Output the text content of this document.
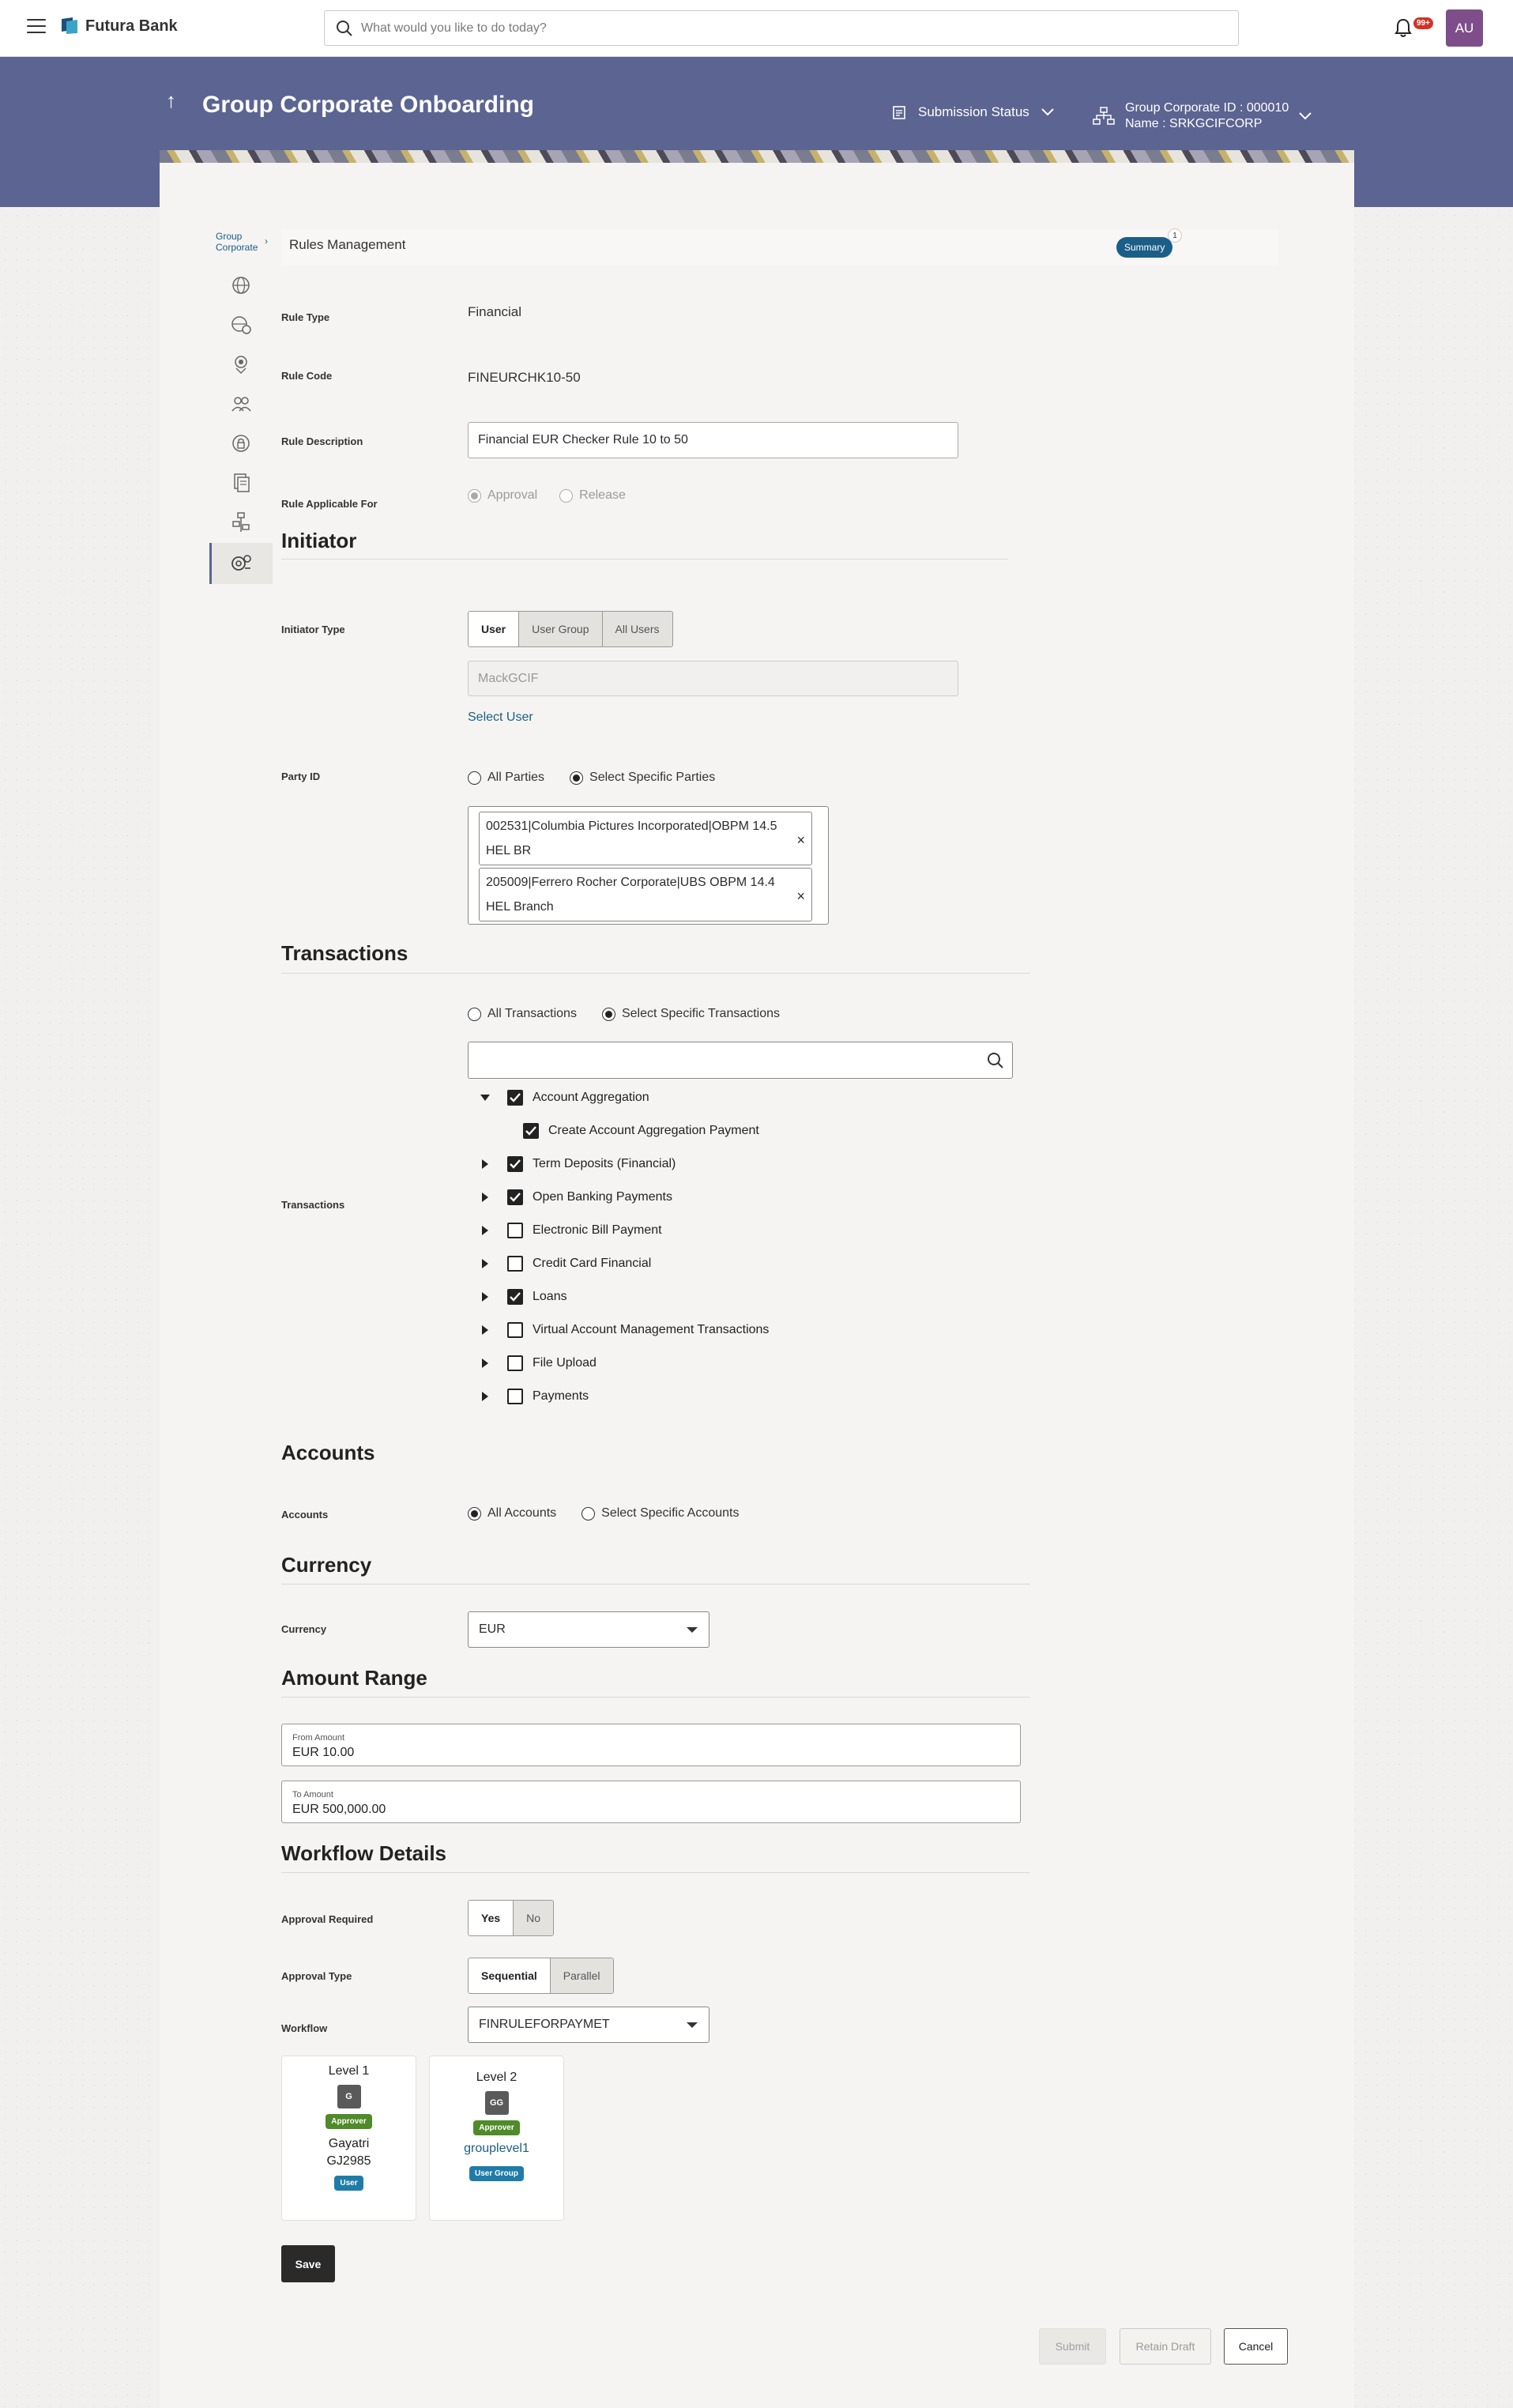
Futura Bank
What would you like to do today?	99+	AU
↑ Group Corporate Onboarding	Submission Status	Group Corporate ID : 000010
Name : SRKGCIFCORP
Group
Corporate
› Rules Management	Summary
1
Rule Type	Financial
Rule Code	FINEURCHK10-50
Rule Description	Financial EUR Checker Rule 10 to 50
Rule Applicable For
Approval	Release
Initiator
Initiator Type	User	User Group	All Users
MackGCIF
Select User
Party ID	All Parties	Select Specific Parties
002531|Columbia Pictures Incorporated|OBPM 14.5
HEL BR
×
205009|Ferrero Rocher Corporate|UBS OBPM 14.4
HEL Branch
×
Transactions
All Transactions	Select Specific Transactions
Transactions
Account Aggregation
Create Account Aggregation Payment
Term Deposits (Financial)
Open Banking Payments
Electronic Bill Payment
Credit Card Financial
Loans
Virtual Account Management Transactions
File Upload
Payments
Accounts
Accounts	All Accounts	Select Specific Accounts
Currency
Currency	EUR
Amount Range
From Amount
EUR 10.00
To Amount
EUR 500,000.00
Workflow Details
Approval Required	Yes	No
Approval Type	Sequential	Parallel
Workflow	FINRULEFORPAYMET
Level 1
G
Approver
Gayatri
GJ2985
User
Level 2
GG
Approver
grouplevel1
User Group
Save
Submit	Retain Draft	Cancel
